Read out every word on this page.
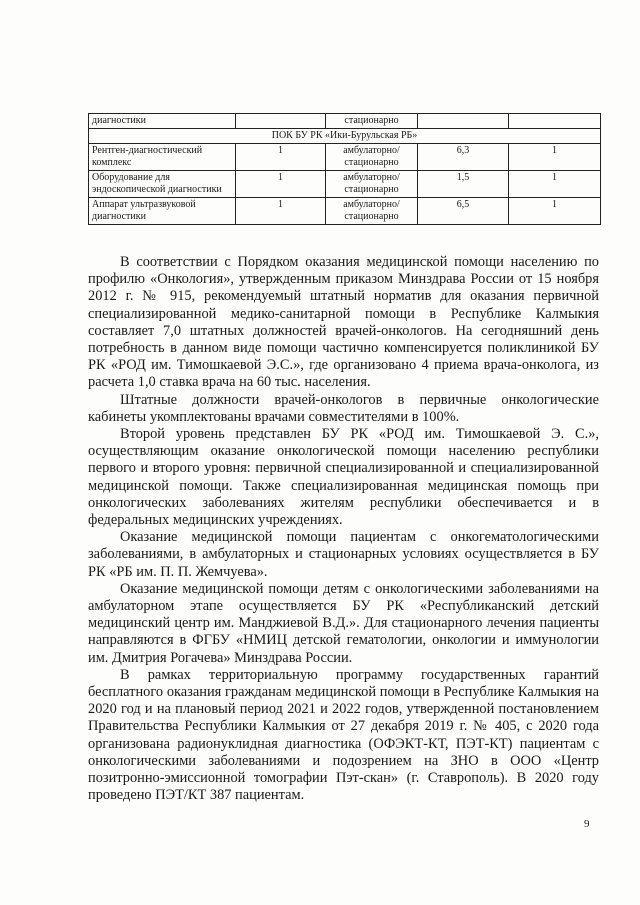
диагностики		стационарно		
ПОК БУ РК «Ики-Бурульская РБ»				
Рентген-диагностический комплекс	1	амбулаторно/ стационарно	6,3	1
Оборудование для эндоскопической диагностики	1	амбулаторно/ стационарно	1,5	1
Аппарат ультразвуковой диагностики	1	амбулаторно/ стационарно	6,5	1

В соответствии с Порядком оказания медицинской помощи населению по профилю «Онкология», утвержденным приказом Минздрава России от 15 ноября 2012 г. № 915, рекомендуемый штатный норматив для оказания первичной специализированной медико-санитарной помощи в Республике Калмыкия составляет 7,0 штатных должностей врачей-онкологов. На сегодняшний день потребность в данном виде помощи частично компенсируется поликлиникой БУ РК «РОД им. Тимошкаевой Э.С.», где организовано 4 приема врача-онколога, из расчета 1,0 ставка врача на 60 тыс. населения.

Штатные должности врачей-онкологов в первичные онкологические кабинеты укомплектованы врачами совместителями в 100%.

Второй уровень представлен БУ РК «РОД им. Тимошкаевой Э. С.», осуществляющим оказание онкологической помощи населению республики первого и второго уровня: первичной специализированной и специализированной медицинской помощи. Также специализированная медицинская помощь при онкологических заболеваниях жителям республики обеспечивается и в федеральных медицинских учреждениях.

Оказание медицинской помощи пациентам с онкогематологическими заболеваниями, в амбулаторных и стационарных условиях осуществляется в БУ РК «РБ им. П. П. Жемчуева».

Оказание медицинской помощи детям с онкологическими заболеваниями на амбулаторном этапе осуществляется БУ РК «Республиканский детский медицинский центр им. Манджиевой В.Д.». Для стационарного лечения пациенты направляются в ФГБУ «НМИЦ детской гематологии, онкологии и иммунологии им. Дмитрия Рогачева» Минздрава России.

В рамках территориальную программу государственных гарантий бесплатного оказания гражданам медицинской помощи в Республике Калмыкия на 2020 год и на плановый период 2021 и 2022 годов, утвержденной постановлением Правительства Республики Калмыкия от 27 декабря 2019 г. № 405, с 2020 года организована радионуклидная диагностика (ОФЭКТ-КТ, ПЭТ-КТ) пациентам с онкологическими заболеваниями и подозрением на ЗНО в ООО «Центр позитронно-эмиссионной томографии Пэт-скан» (г. Ставрополь). В 2020 году проведено ПЭТ/КТ 387 пациентам.

9
